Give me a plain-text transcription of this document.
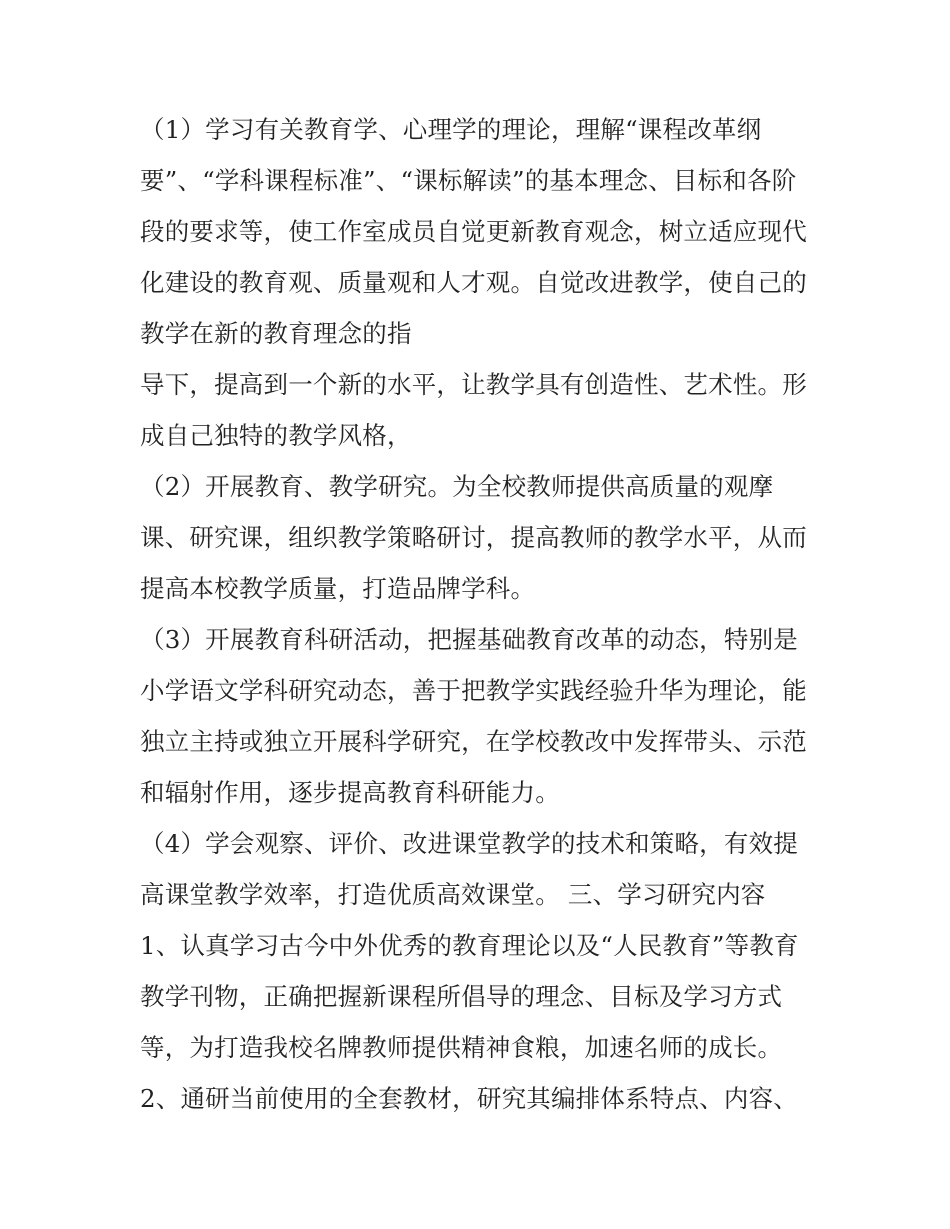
（1）学习有关教育学、心理学的理论，理解“课程改革纲
要”、“学科课程标准”、“课标解读”的基本理念、目标和各阶
段的要求等，使工作室成员自觉更新教育观念，树立适应现代
化建设的教育观、质量观和人才观。自觉改进教学，使自己的
教学在新的教育理念的指
导下，提高到一个新的水平，让教学具有创造性、艺术性。形
成自己独特的教学风格，
（2）开展教育、教学研究。为全校教师提供高质量的观摩
课、研究课，组织教学策略研讨，提高教师的教学水平，从而
提高本校教学质量，打造品牌学科。
（3）开展教育科研活动，把握基础教育改革的动态，特别是
小学语文学科研究动态，善于把教学实践经验升华为理论，能
独立主持或独立开展科学研究，在学校教改中发挥带头、示范
和辐射作用，逐步提高教育科研能力。
（4）学会观察、评价、改进课堂教学的技术和策略，有效提
高课堂教学效率，打造优质高效课堂。 三、学习研究内容
1、认真学习古今中外优秀的教育理论以及“人民教育”等教育
教学刊物，正确把握新课程所倡导的理念、目标及学习方式
等，为打造我校名牌教师提供精神食粮，加速名师的成长。
2、通研当前使用的全套教材，研究其编排体系特点、内容、
